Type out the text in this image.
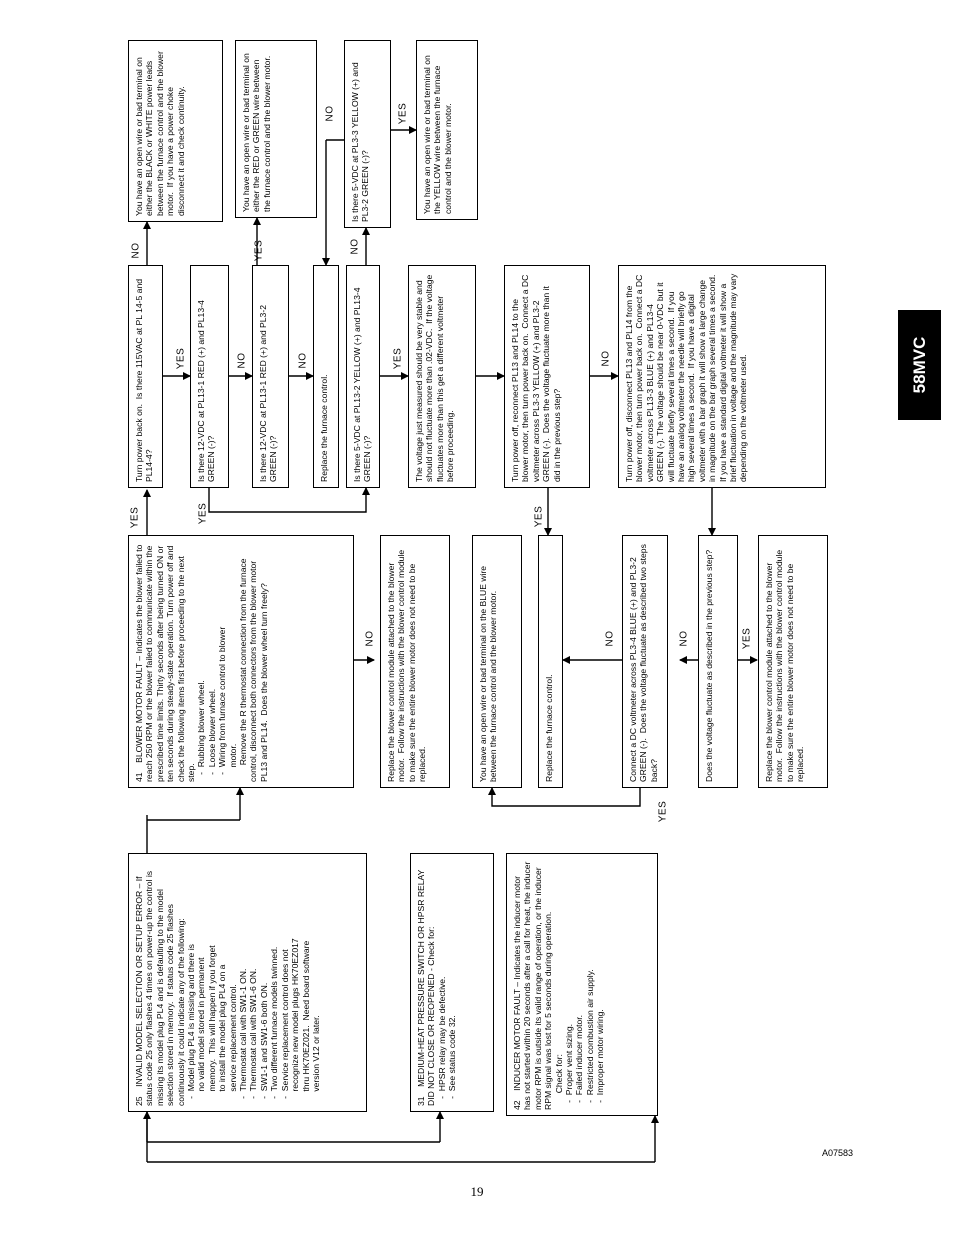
25    INVALID MODEL SELECTION OR SETUP ERROR – If status code 25 only flashes 4 times on power-up the control is missing its model plug PL4 and is defaulting to the model selection stored in memory.  If status code 25 flashes continuously it could indicate any of the following:
-  Model plug PL4 is missing and there is
no valid model stored in permanent
memory.  This will happen if you forget
to install the model plug PL4 on a
service replacement control.
-  Thermostat call with SW1-1 ON.
-  Thermostat call with SW1-6 ON.
-  SW1-1 and SW1-6 both ON.
-  Two different furnace models twinned.
-  Service replacement control does not
recognize new model plugs HK70EZ017
thru HK70EZ021.  Need board software
version V12 or later.
31    MEDIUM-HEAT PRESSURE SWITCH OR HPSR RELAY DID NOT CLOSE OR REOPENED - Check for:
-  HPSR relay may be defective.
-  See status code 32.
42    INDUCER MOTOR FAULT – Indicates the inducer motor has not started within 20 seconds after a call for heat, the inducer motor RPM is outside its valid range of operation, or the inducer RPM signal was lost for 5 seconds during operation.
Check for:
-  Proper vent sizing.
-  Failed inducer motor.
-  Restricted combustion air supply.
-  Improper motor wiring.
41    BLOWER MOTOR FAULT – Indicates the blower failed to reach 250 RPM or the blower failed to communicate within the prescribed time limits. Thirty seconds after being turned ON or ten seconds during steady-state operation. Turn power off and check the following items first before proceeding to the next step.
-  Rubbing blower wheel.
-  Loose blower wheel.
-  Wiring from furnace control to blower
motor.
Remove the R thermostat connection from the furnace control, disconnect both connectors from the blower motor PL13 and PL14.  Does the blower wheel turn freely?	Replace the blower control module attached to the blower motor.  Follow the instructions with the blower control module to make sure the entire blower motor does not need to be replaced.	You have an open wire or bad terminal on the BLUE wire between the furnace control and the blower motor.	Replace the furnace control.	Connect a DC voltmeter across PL3-4 BLUE (+) and PL3-2 GREEN (-).  Does the voltage fluctuate as described two steps back?	Does the voltage fluctuate as described in the previous step?	Replace the blower control module attached to the blower motor.  Follow the instructions with the blower control module to make sure the entire blower motor does not need to be replaced.
Turn power back on.  Is there 115VAC at PL 14-5 and PL14-4?	Is there 12-VDC at PL13-1 RED (+) and PL13-4 GREEN (-)?	Is there 12-VDC at PL13-1 RED (+) and PL3-2 GREEN (-)?	Replace the furnace control.	Is there 5-VDC at PL13-2 YELLOW (+) and PL13-4 GREEN (-)?	The voltage just measured should be very stable and should not fluctuate more than .02-VDC.  If the voltage fluctuates more than this get a different voltmeter before proceeding.	Turn power off, reconnect PL13 and PL14 to the blower motor, then turn power back on.  Connect a DC voltmeter across PL3-3 YELLOW (+) and PL3-2 GREEN (-).  Does the voltage fluctuate more than it did in the previous step?	Turn power off, disconnect PL13 and PL14 from the blower motor, then turn power back on.  Connect a DC voltmeter across PL13-3 BLUE (+) and PL13-4 GREEN (-). The voltage should be near 0-VDC but it will fluctuate briefly several times a second.  If you have an analog voltmeter the needle will briefly go high several times a second.  If you have a digital voltmeter with a bar graph it will show a large change in magnitude on the bar graph several times a second.  If you have a standard digital voltmeter it will show a brief fluctuation in voltage and the magnitude may vary depending on the voltmeter used.
You have an open wire or bad terminal on either the BLACK or WHITE power leads between the furnace control and the blower motor.  If you have a power choke disconnect it and check continuity.	You have an open wire or bad terminal on either the RED or GREEN wire between the furnace control and the blower motor.	Is there 5-VDC at PL3-3 YELLOW (+) and PL3-2 GREEN (-)?	You have an open wire or bad terminal on the YELLOW wire between the furnace control and the blower motor.
YES
NO
YES
YES
NO
YES
NO
NO
NO	YES
YES
NO
YES
NO
NO	NO	YES
YES
58MVC
A07583
19
